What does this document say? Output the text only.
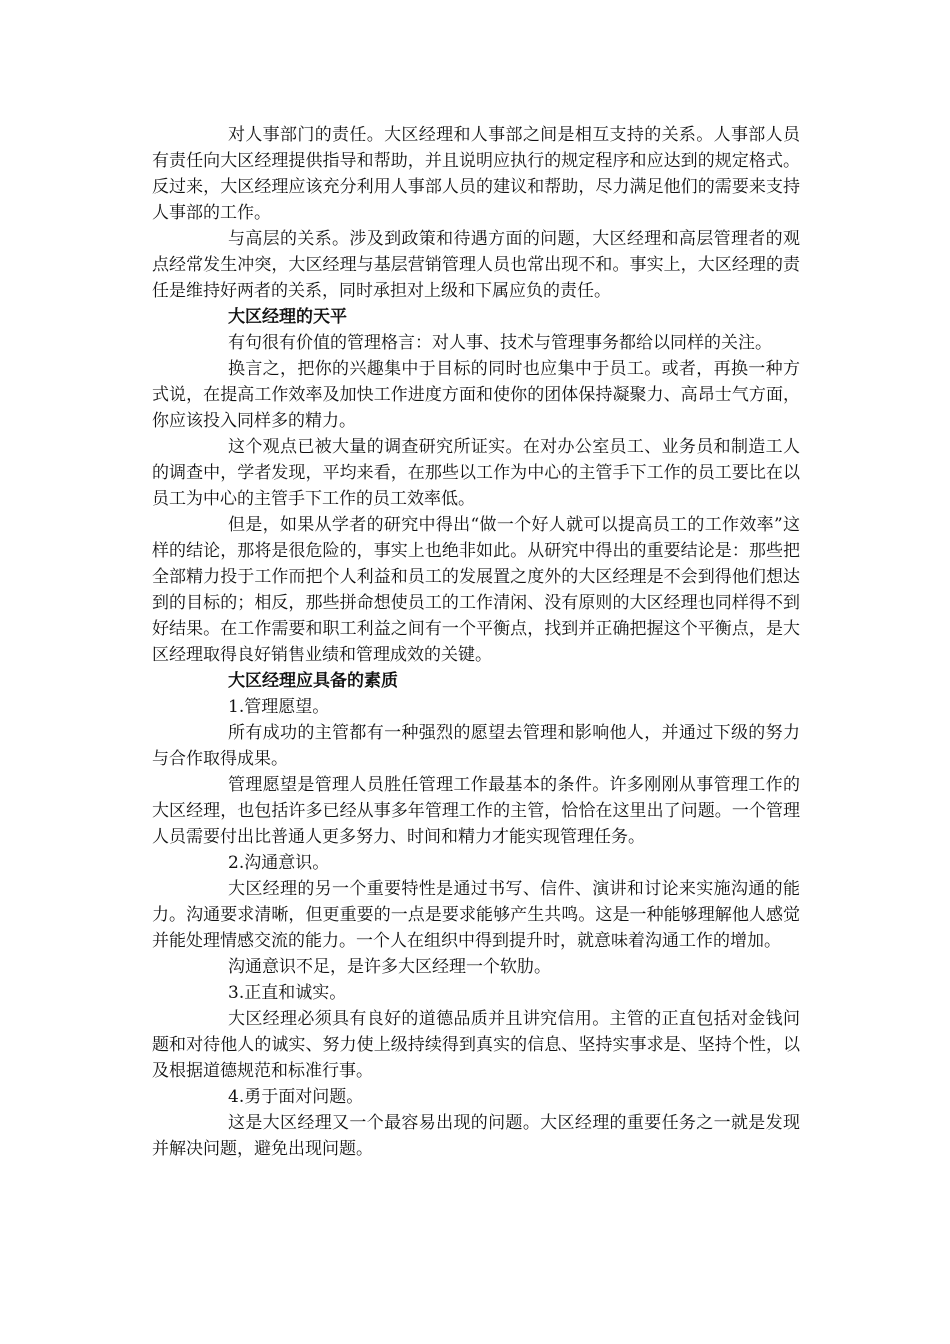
对人事部门的责任。大区经理和人事部之间是相互支持的关系。人事部人员有责任向大区经理提供指导和帮助，并且说明应执行的规定程序和应达到的规定格式。反过来，大区经理应该充分利用人事部人员的建议和帮助，尽力满足他们的需要来支持人事部的工作。

与高层的关系。涉及到政策和待遇方面的问题，大区经理和高层管理者的观点经常发生冲突，大区经理与基层营销管理人员也常出现不和。事实上，大区经理的责任是维持好两者的关系，同时承担对上级和下属应负的责任。

大区经理的天平

有句很有价值的管理格言：对人事、技术与管理事务都给以同样的关注。

换言之，把你的兴趣集中于目标的同时也应集中于员工。或者，再换一种方式说，在提高工作效率及加快工作进度方面和使你的团体保持凝聚力、高昂士气方面，你应该投入同样多的精力。

这个观点已被大量的调查研究所证实。在对办公室员工、业务员和制造工人的调查中，学者发现，平均来看，在那些以工作为中心的主管手下工作的员工要比在以员工为中心的主管手下工作的员工效率低。

但是，如果从学者的研究中得出“做一个好人就可以提高员工的工作效率”这样的结论，那将是很危险的，事实上也绝非如此。从研究中得出的重要结论是：那些把全部精力投于工作而把个人利益和员工的发展置之度外的大区经理是不会到得他们想达到的目标的；相反，那些拼命想使员工的工作清闲、没有原则的大区经理也同样得不到好结果。在工作需要和职工利益之间有一个平衡点，找到并正确把握这个平衡点，是大区经理取得良好销售业绩和管理成效的关键。

大区经理应具备的素质

1.管理愿望。

所有成功的主管都有一种强烈的愿望去管理和影响他人，并通过下级的努力与合作取得成果。

管理愿望是管理人员胜任管理工作最基本的条件。许多刚刚从事管理工作的大区经理，也包括许多已经从事多年管理工作的主管，恰恰在这里出了问题。一个管理人员需要付出比普通人更多努力、时间和精力才能实现管理任务。

2.沟通意识。

大区经理的另一个重要特性是通过书写、信件、演讲和讨论来实施沟通的能力。沟通要求清晰，但更重要的一点是要求能够产生共鸣。这是一种能够理解他人感觉并能处理情感交流的能力。一个人在组织中得到提升时，就意味着沟通工作的增加。

沟通意识不足，是许多大区经理一个软肋。

3.正直和诚实。

大区经理必须具有良好的道德品质并且讲究信用。主管的正直包括对金钱问题和对待他人的诚实、努力使上级持续得到真实的信息、坚持实事求是、坚持个性，以及根据道德规范和标准行事。

4.勇于面对问题。

这是大区经理又一个最容易出现的问题。大区经理的重要任务之一就是发现并解决问题，避免出现问题。
